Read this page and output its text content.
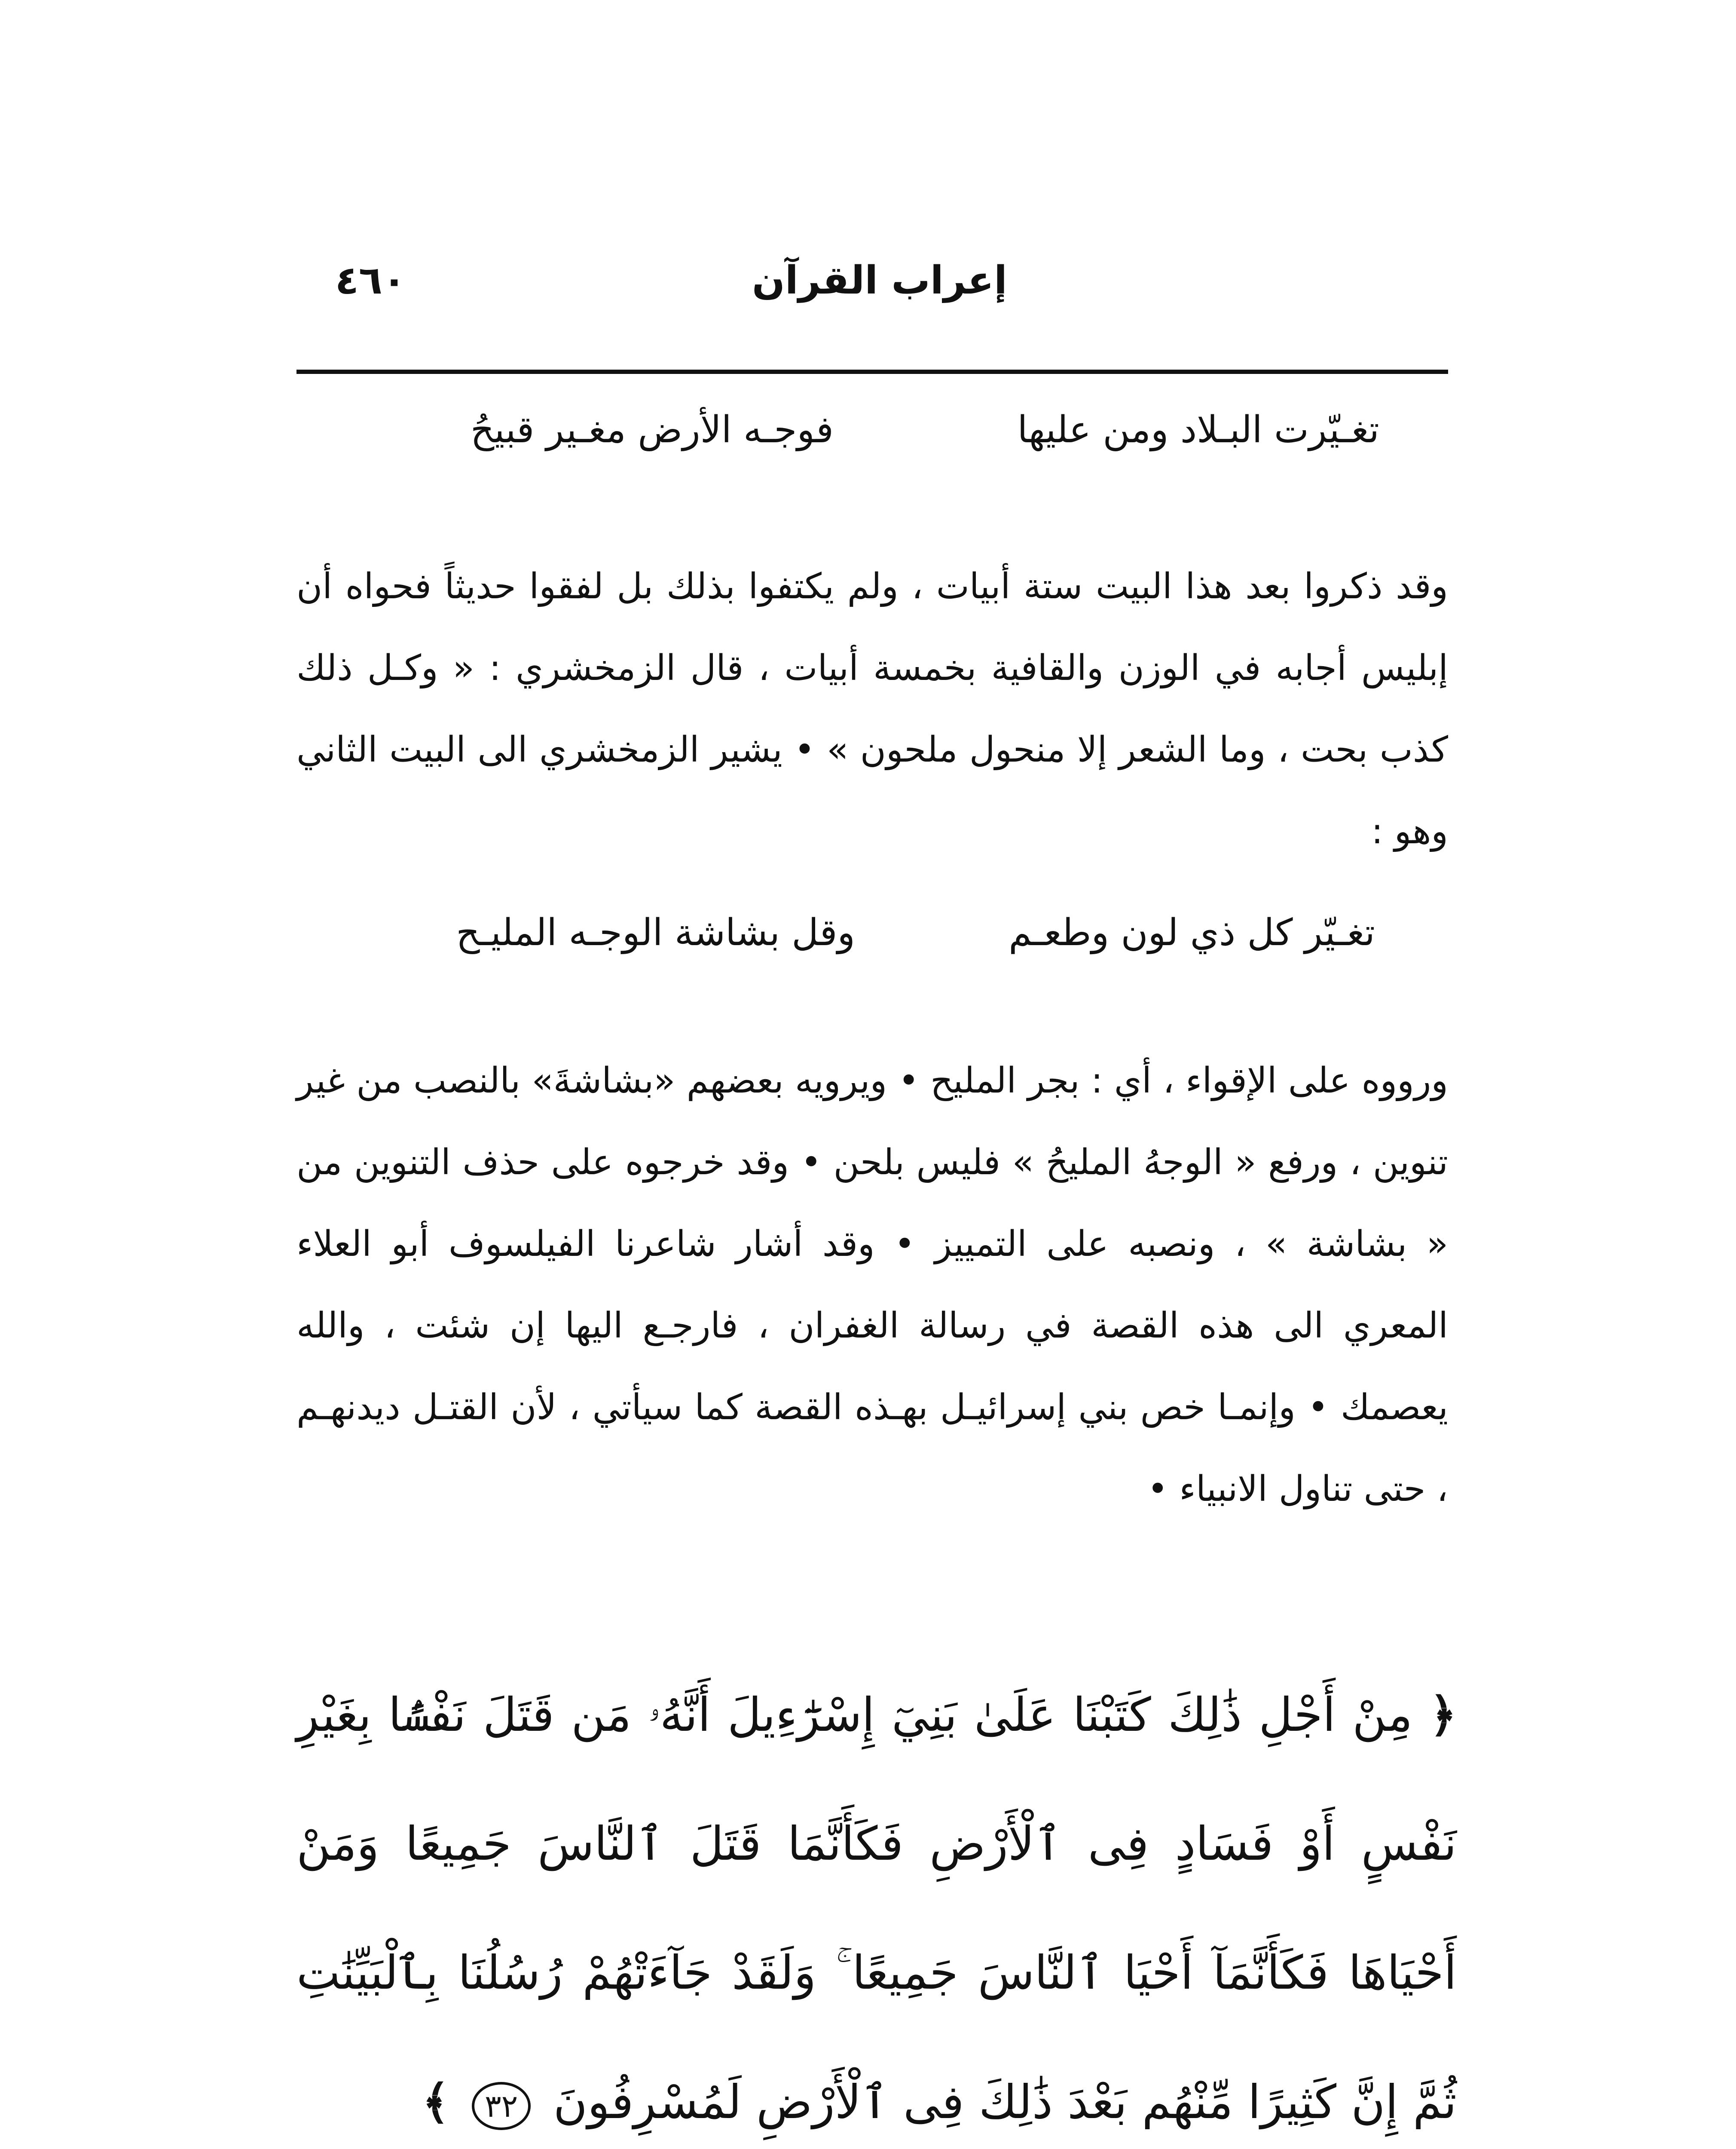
٤٦٠	إعراب القرآن
تغـيّرت البـلاد ومن عليها
فوجـه الأرض مغـير قبيحُ
وقد ذكروا بعد هذا البيت ستة أبيات ، ولم يكتفوا بذلك بل لفقوا حديثاً فحواه أن إبليس أجابه في الوزن والقافية بخمسة أبيات ، قال الزمخشري : « وكـل ذلك كذب بحت ، وما الشعر إلا منحول ملحون » • يشير الزمخشري الى البيت الثاني وهو :
تغـيّر كل ذي لون وطعـم
وقل بشاشة الوجـه المليـح
ورووه على الإقواء ، أي : بجر المليح • ويرويه بعضهم «بشاشةَ» بالنصب من غير تنوين ، ورفع « الوجهُ المليحُ » فليس بلحن • وقد خرجوه على حذف التنوين من « بشاشة » ، ونصبه على التمييز • وقد أشار شاعرنا الفيلسوف أبو العلاء المعري الى هذه القصة في رسالة الغفران ، فارجـع اليها إن شئت ، والله يعصمك • وإنمـا خص بني إسرائيـل بهـذه القصة كما سيأتي ، لأن القتـل ديدنهـم ، حتى تناول الانبياء •
﴿ مِنْ أَجْلِ ذَٰلِكَ كَتَبْنَا عَلَىٰ بَنِيٓ إِسْرَٰٓءِيلَ أَنَّهُۥ مَن قَتَلَ نَفْسًۢا بِغَيْرِ نَفْسٍ أَوْ فَسَادٍ فِى ٱلْأَرْضِ فَكَأَنَّمَا قَتَلَ ٱلنَّاسَ جَمِيعًا وَمَنْ أَحْيَاهَا فَكَأَنَّمَآ أَحْيَا ٱلنَّاسَ جَمِيعًا ۚ وَلَقَدْ جَآءَتْهُمْ رُسُلُنَا بِٱلْبَيِّنَٰتِ ثُمَّ إِنَّ كَثِيرًا مِّنْهُم بَعْدَ ذَٰلِكَ فِى ٱلْأَرْضِ لَمُسْرِفُونَ ٣٢ ﴾
